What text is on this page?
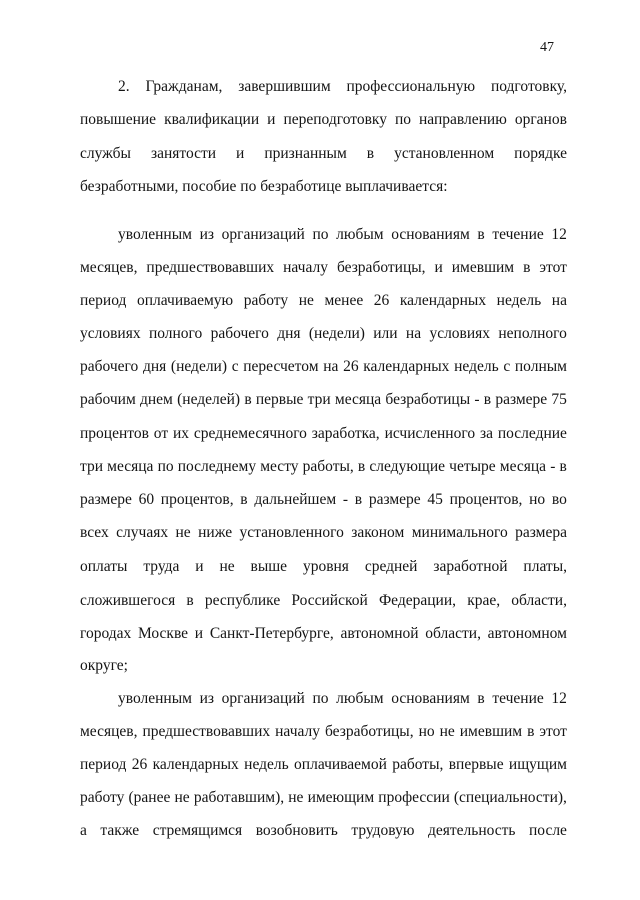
47
2. Гражданам, завершившим профессиональную подготовку,
повышение квалификации и переподготовку по направлению органов
службы занятости и признанным в установленном порядке
безработными, пособие по безработице выплачивается:
уволенным из организаций по любым основаниям в течение 12
месяцев, предшествовавших началу безработицы, и имевшим в этот
период оплачиваемую работу не менее 26 календарных недель на
условиях полного рабочего дня (недели) или на условиях неполного
рабочего дня (недели) с пересчетом на 26 календарных недель с полным
рабочим днем (неделей) в первые три месяца безработицы - в размере 75
процентов от их среднемесячного заработка, исчисленного за последние
три месяца по последнему месту работы, в следующие четыре месяца - в
размере 60 процентов, в дальнейшем - в размере 45 процентов, но во
всех случаях не ниже установленного законом минимального размера
оплаты труда и не выше уровня средней заработной платы,
сложившегося в республике Российской Федерации, крае, области,
городах Москве и Санкт-Петербурге, автономной области, автономном
округе;
уволенным из организаций по любым основаниям в течение 12
месяцев, предшествовавших началу безработицы, но не имевшим в этот
период 26 календарных недель оплачиваемой работы, впервые ищущим
работу (ранее не работавшим), не имеющим профессии (специальности),
а также стремящимся возобновить трудовую деятельность после
